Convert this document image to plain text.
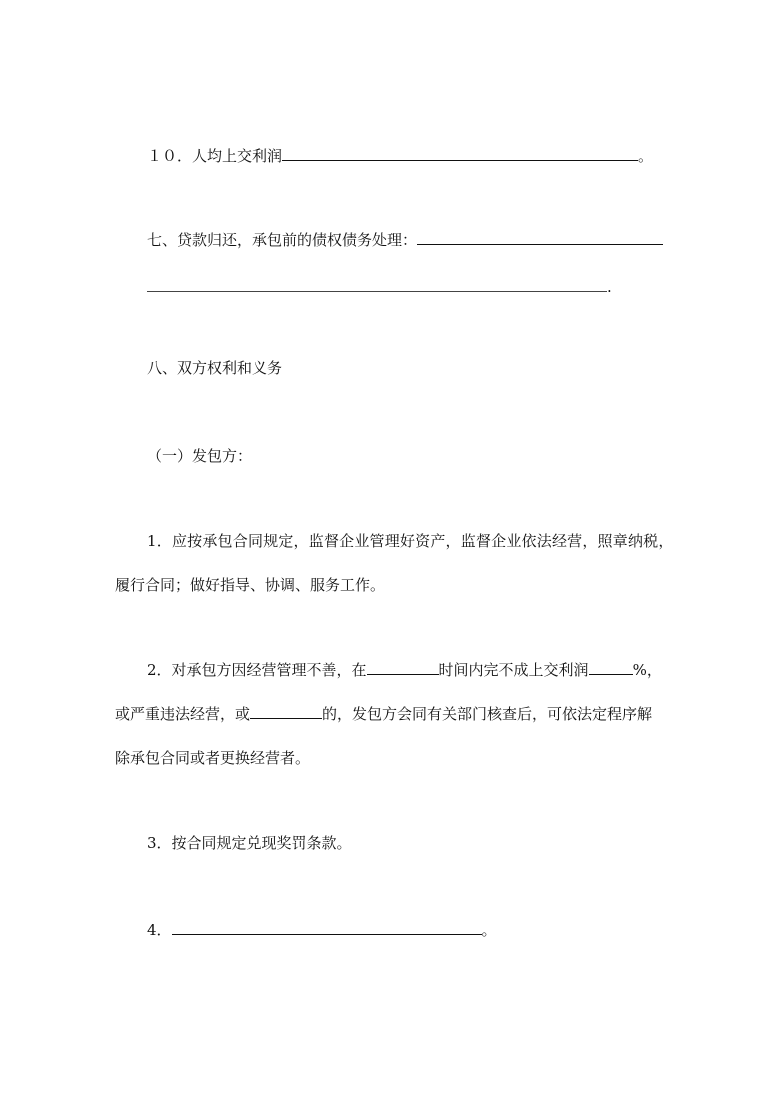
１０．人均上交利润	。
七、贷款归还，承包前的债权债务处理：
.
八、双方权利和义务
（一）发包方：
1．应按承包合同规定，监督企业管理好资产，监督企业依法经营，照章纳税，
履行合同；做好指导、协调、服务工作。
2．对承包方因经营管理不善，在	时间内完不成上交利润	%，
或严重违法经营，或	的，发包方会同有关部门核查后，可依法定程序解
除承包合同或者更换经营者。
3．按合同规定兑现奖罚条款。
4．	。
